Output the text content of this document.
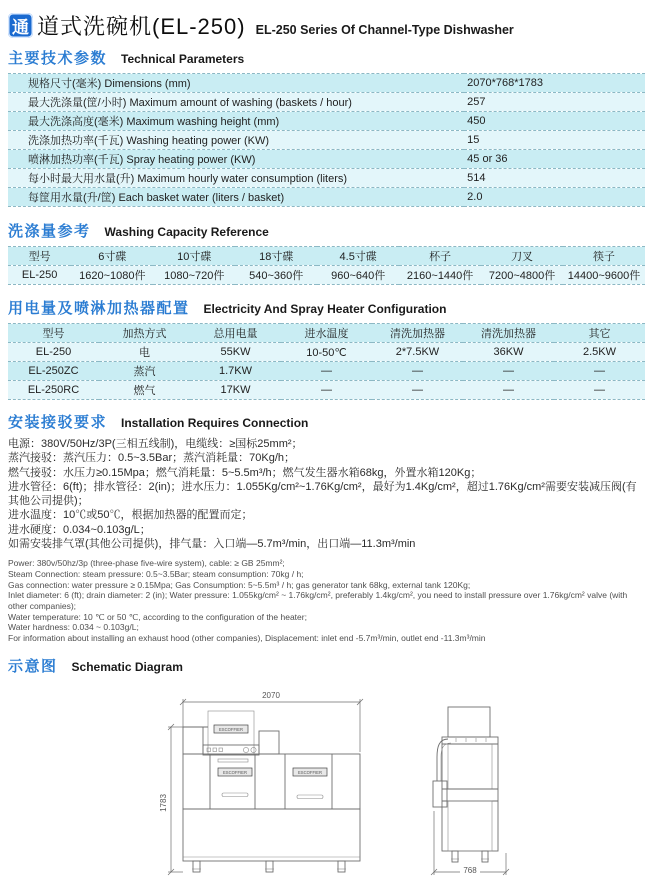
通 道式洗碗机(EL-250) EL-250 Series Of Channel-Type Dishwasher
主要技术参数 Technical Parameters
规格尺寸(毫米) Dimensions (mm)	2070*768*1783
最大洗涤量(筐/小时) Maximum amount of washing (baskets / hour)	257
最大洗涤高度(毫米) Maximum washing height (mm)	450
洗涤加热功率(千瓦) Washing heating power (KW)	15
喷淋加热功率(千瓦) Spray heating power (KW)	45 or 36
每小时最大用水量(升) Maximum hourly water consumption (liters)	514
每筐用水量(升/筐) Each basket water (liters / basket)	2.0
洗涤量参考 Washing Capacity Reference
型号	6寸碟	10寸碟	18寸碟	4.5寸碟	杯子	刀叉	筷子
EL-250	1620~1080件	1080~720件	540~360件	960~640件	2160~1440件	7200~4800件	14400~9600件
用电量及喷淋加热器配置 Electricity And Spray Heater Configuration
型号	加热方式	总用电量	进水温度	清洗加热器	清洗加热器	其它
EL-250	电	55KW	10-50℃	2*7.5KW	36KW	2.5KW
EL-250ZC	蒸汽	1.7KW	—	—	—	—
EL-250RC	燃气	17KW	—	—	—	—
安装接驳要求 Installation Requires Connection
电源：380V/50Hz/3P(三相五线制)，电缆线：≥国标25mm²；
蒸汽接驳：蒸汽压力：0.5~3.5Bar；蒸汽消耗量：70Kg/h；
燃气接驳：水压力≥0.15Mpa；燃气消耗量：5~5.5m³/h；燃气发生器水箱68kg，外置水箱120Kg；
进水管径：6(ft)；排水管径：2(in)；进水压力：1.055Kg/cm²~1.76Kg/cm²，最好为1.4Kg/cm²，超过1.76Kg/cm²需要安装减压阀(有其他公司提供)；
进水温度：10℃或50℃，根据加热器的配置而定；
进水硬度：0.034~0.103g/L；
如需安装排气罩(其他公司提供)，排气量：入口端—5.7m³/min，出口端—11.3m³/min
Power: 380v/50hz/3p (three-phase five-wire system), cable: ≥ GB 25mm²;
Steam Connection: steam pressure: 0.5~3.5Bar; steam consumption: 70kg / h;
Gas connection: water pressure ≥ 0.15Mpa; Gas Consumption: 5~5.5m³ / h; gas generator tank 68kg, external tank 120Kg;
Inlet diameter: 6 (ft); drain diameter: 2 (in); Water pressure: 1.055kg/cm² ~ 1.76kg/cm², preferably 1.4kg/cm², you need to install pressure over 1.76kg/cm² valve (with other companies);
Water temperature: 10 ℃ or 50 ℃, according to the configuration of the heater;
Water hardness: 0.034 ~ 0.103g/L;
For information about installing an exhaust hood (other companies), Displacement: inlet end -5.7m³/min, outlet end -11.3m³/min
示意图 Schematic Diagram
2070
1783
ESCOFFIER
ESCOFFIER	ESCOFFIER
768
